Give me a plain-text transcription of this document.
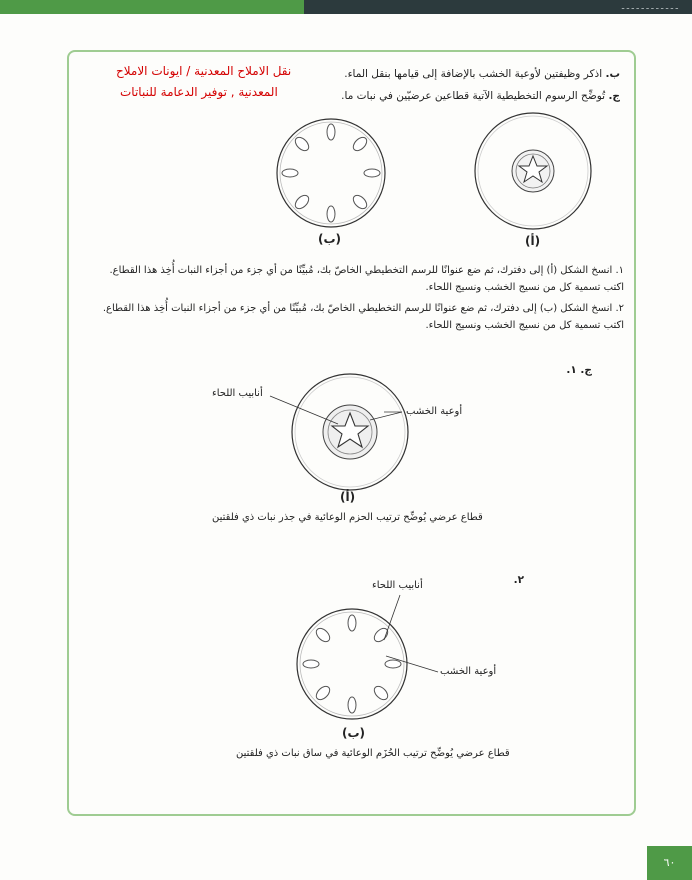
ـ ـ ـ ـ ـ ـ ـ ـ ـ ـ ـ ـ
ب. اذكر وظيفتين لأوعية الخشب بالإضافة إلى قيامها بنقل الماء.
نقل الاملاح المعدنية / ايونات الاملاح
ج. تُوضِّح الرسوم التخطيطية الآتية قطاعين عرضيّين في نبات ما.
المعدنية , توفير الدعامة للنباتات
(ب)	(أ)
١. انسخ الشكل (أ) إلى دفترك، ثم ضع عنوانًا للرسم التخطيطي الخاصّ بك، مُبيِّنًا من أي جزء من أجزاء النبات أُخِذ هذا القطاع. اكتب تسمية كل من نسيج الخشب ونسيج اللحاء.
٢. انسخ الشكل (ب) إلى دفترك، ثم ضع عنوانًا للرسم التخطيطي الخاصّ بك، مُبيِّنًا من أي جزء من أجزاء النبات أُخِذ هذا القطاع. اكتب تسمية كل من نسيج الخشب ونسيج اللحاء.
ج. ١.
أنابيب اللحاء
أوعية الخشب
(أ)
قطاع عرضي يُوضِّح ترتيب الحزم الوعائية في جذر نبات ذي فلقتين
٢.
أنابيب اللحاء
أوعية الخشب
(ب)
قطاع عرضي يُوضِّح ترتيب الحُزَم الوعائية في ساق نبات ذي فلقتين
٦٠
